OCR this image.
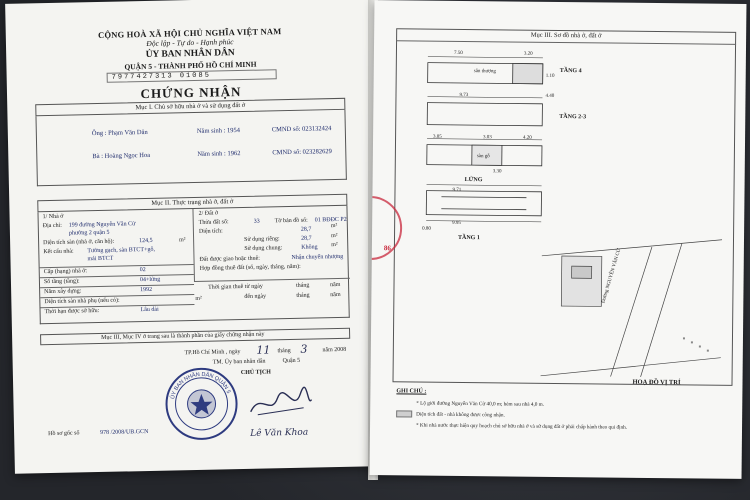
CỘNG HOÀ XÃ HỘI CHỦ NGHĨA VIỆT NAM
Độc lập - Tự do - Hạnh phúc
ỦY BAN NHÂN DÂN
QUẬN 5 - THÀNH PHỐ HỒ CHÍ MINH
7977427313 01085
CHỨNG NHẬN
Mục I. Chủ sở hữu nhà ở và sử dụng đất ở
Ông : Phạm Văn Dân	Năm sinh : 1954	CMND số: 023132424
Bà : Hoàng Ngọc Hoa	Năm sinh : 1962	CMND số: 023282629
Mục II. Thực trạng nhà ở, đất ở
1/ Nhà ở
Địa chỉ: 199 đường Nguyễn Văn Cừ
phường 2 quận 5
Diện tích sàn (nhà ở, căn hộ):	124,5	m²
Kết cấu nhà: Tường gạch, sàn BTCT+gỗ,
mái BTCT
Cấp (hạng) nhà ở:	02
Số tầng (tầng):	04+lửng
Năm xây dựng:	1992
Diện tích sàn nhà phụ (nếu có):	m²
Thời hạn được sở hữu:	Lâu dài
2/ Đất ở
Thửa đất số:	33 Tờ bản đồ số: 01 BĐĐC P2
Diện tích:	28,7
m²
Sử dụng riêng:	28,7	m²
Sử dụng chung:	Không m²
Đất được giao hoặc thuê:	Nhận chuyển nhượng
Hợp đồng thuê đất (số, ngày, tháng, năm):
Thời gian thuê từ ngày	tháng	năm
đến ngày	tháng	năm
Mục III, Mục IV ở trang sau là thành phần của giấy chứng nhận này
TP.Hồ Chí Minh , ngày 11 tháng 3 năm 2008
TM. Ủy ban nhân dân	Quận 5
CHỦ TỊCH
ỦY BAN NHÂN DÂN QUẬN 5
Lê Văn Khoa
Hồ sơ gốc số	978 /2008/UB.GCN
Mục III. Sơ đồ nhà ở, đất ở
7.50	3.20
sân thượng
1.10
TẦNG 4
9.73	4.40
TẦNG 2-3
3.05	3.03	4.20
sàn gỗ
3.30
LỬNG
9.71
9.95
0.80
TẦNG 1
86	Đường NGUYỄN VĂN CỪ
HOẠ ĐỒ VỊ TRÍ
GHI CHÚ :
* Lộ giới đường Nguyễn Văn Cừ 40,0 m; hẻm sau nhà 4,0 m.
Diện tích đất - nhà không được công nhận.
* Khi nhà nước thực hiện quy hoạch chủ sở hữu nhà ở và sử dụng đất ở phải chấp hành theo qui định.
